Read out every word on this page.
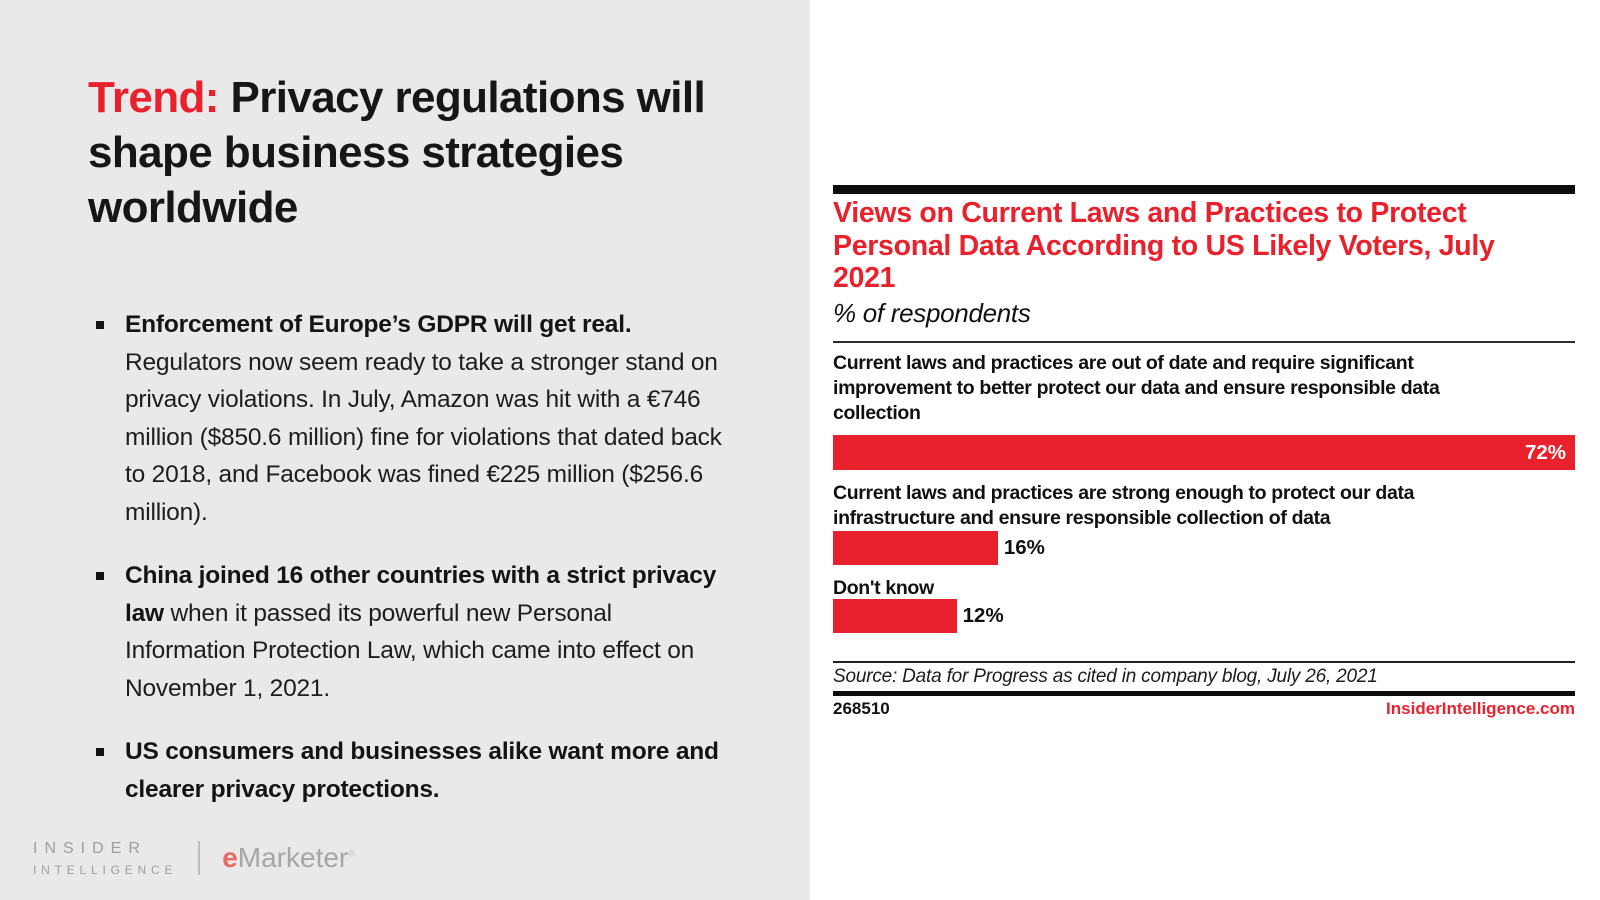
Trend: Privacy regulations will shape business strategies worldwide
Enforcement of Europe’s GDPR will get real. Regulators now seem ready to take a stronger stand on privacy violations. In July, Amazon was hit with a €746 million ($850.6 million) fine for violations that dated back to 2018, and Facebook was fined €225 million ($256.6 million).
China joined 16 other countries with a strict privacy law when it passed its powerful new Personal Information Protection Law, which came into effect on November 1, 2021.
US consumers and businesses alike want more and clearer privacy protections.
INSIDER
INTELLIGENCE eMarketer®
Views on Current Laws and Practices to Protect Personal Data According to US Likely Voters, July 2021
% of respondents
Current laws and practices are out of date and require significant improvement to better protect our data and ensure responsible data collection
72%
Current laws and practices are strong enough to protect our data infrastructure and ensure responsible collection of data
16%
Don't know
12%
Source: Data for Progress as cited in company blog, July 26, 2021
268510	InsiderIntelligence.com
